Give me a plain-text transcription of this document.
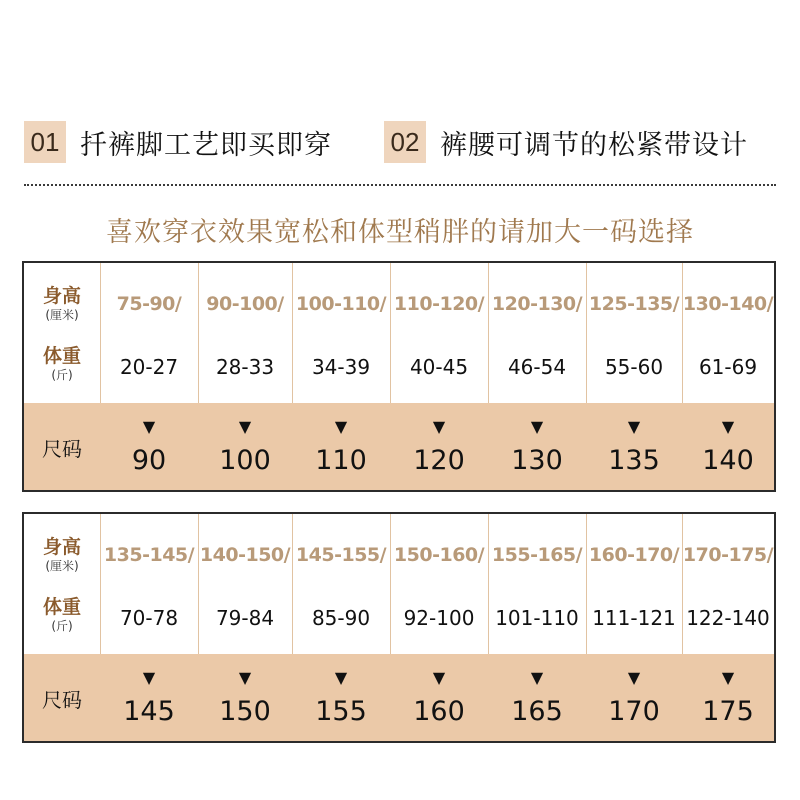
01 扦裤脚工艺即买即穿 02 裤腰可调节的松紧带设计
喜欢穿衣效果宽松和体型稍胖的请加大一码选择
身高
(厘米)
体重
(斤)
75-90/
20-27
90-100/
28-33
100-110/
34-39
110-120/
40-45
120-130/
46-54
125-135/
55-60
130-140/
61-69
尺码
▼
90
▼
100
▼
110
▼
120
▼
130
▼
135
▼
140
身高
(厘米)
体重
(斤)
135-145/
70-78
140-150/
79-84
145-155/
85-90
150-160/
92-100
155-165/
101-110
160-170/
111-121
170-175/
122-140
尺码
▼
145
▼
150
▼
155
▼
160
▼
165
▼
170
▼
175
